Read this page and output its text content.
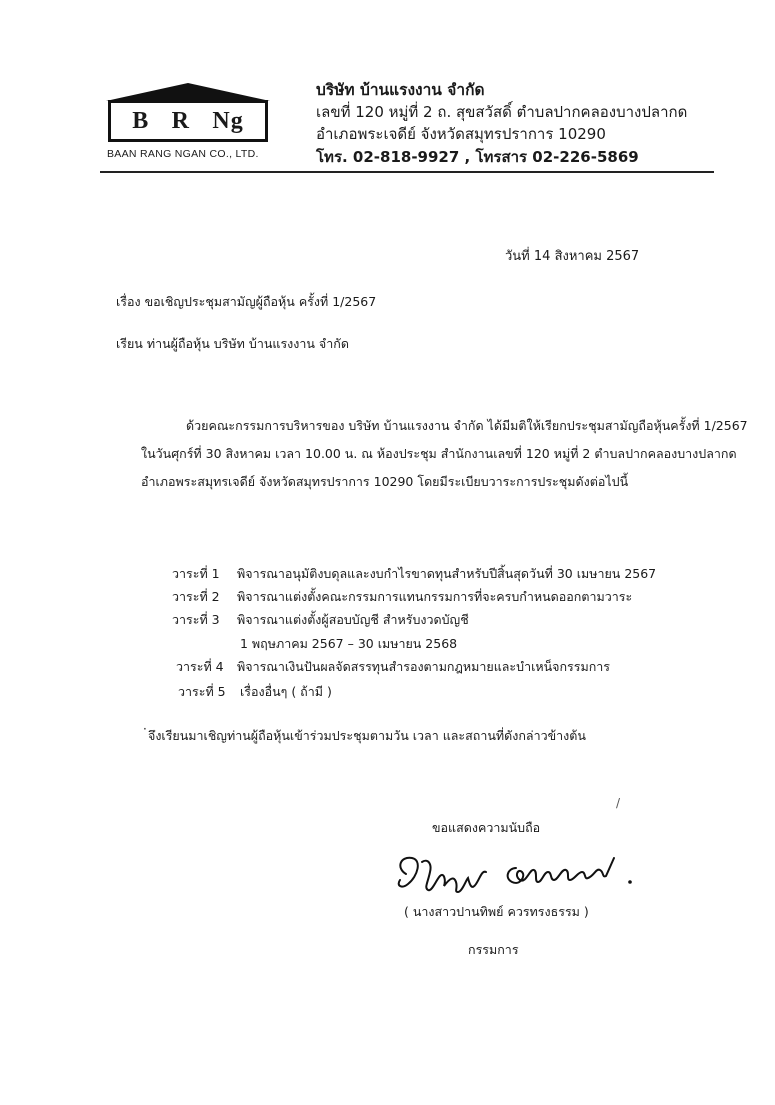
B R Ng
BAAN RANG NGAN CO., LTD.
บริษัท บ้านแรงงาน จำกัด
เลขที่ 120 หมู่ที่ 2 ถ. สุขสวัสดิ์ ตำบลปากคลองบางปลากด
อำเภอพระเจดีย์ จังหวัดสมุทรปราการ 10290
โทร. 02-818-9927 , โทรสาร 02-226-5869
วันที่ 14 สิงหาคม 2567
เรื่อง ขอเชิญประชุมสามัญผู้ถือหุ้น ครั้งที่ 1/2567
เรียน ท่านผู้ถือหุ้น บริษัท บ้านแรงงาน จำกัด
ด้วยคณะกรรมการบริหารของ บริษัท บ้านแรงงาน จำกัด ได้มีมติให้เรียกประชุมสามัญถือหุ้นครั้งที่ 1/2567
ในวันศุกร์ที่ 30 สิงหาคม เวลา 10.00 น. ณ ห้องประชุม สำนักงานเลขที่ 120 หมู่ที่ 2 ตำบลปากคลองบางปลากด
อำเภอพระสมุทรเจดีย์ จังหวัดสมุทรปราการ 10290 โดยมีระเบียบวาระการประชุมดังต่อไปนี้
วาระที่ 1 พิจารณาอนุมัติงบดุลและงบกำไรขาดทุนสำหรับปีสิ้นสุดวันที่ 30 เมษายน 2567
วาระที่ 2 พิจารณาแต่งตั้งคณะกรรมการแทนกรรมการที่จะครบกำหนดออกตามวาระ
วาระที่ 3 พิจารณาแต่งตั้งผู้สอบบัญชี สำหรับงวดบัญชี
1 พฤษภาคม 2567 – 30 เมษายน 2568
วาระที่ 4 พิจารณาเงินปันผลจัดสรรทุนสำรองตามกฎหมายและบำเหน็จกรรมการ
วาระที่ 5 เรื่องอื่นๆ ( ถ้ามี )
· จึงเรียนมาเชิญท่านผู้ถือหุ้นเข้าร่วมประชุมตามวัน เวลา และสถานที่ดังกล่าวข้างต้น
/
ขอแสดงความนับถือ
( นางสาวปานทิพย์ ควรทรงธรรม )
กรรมการ
